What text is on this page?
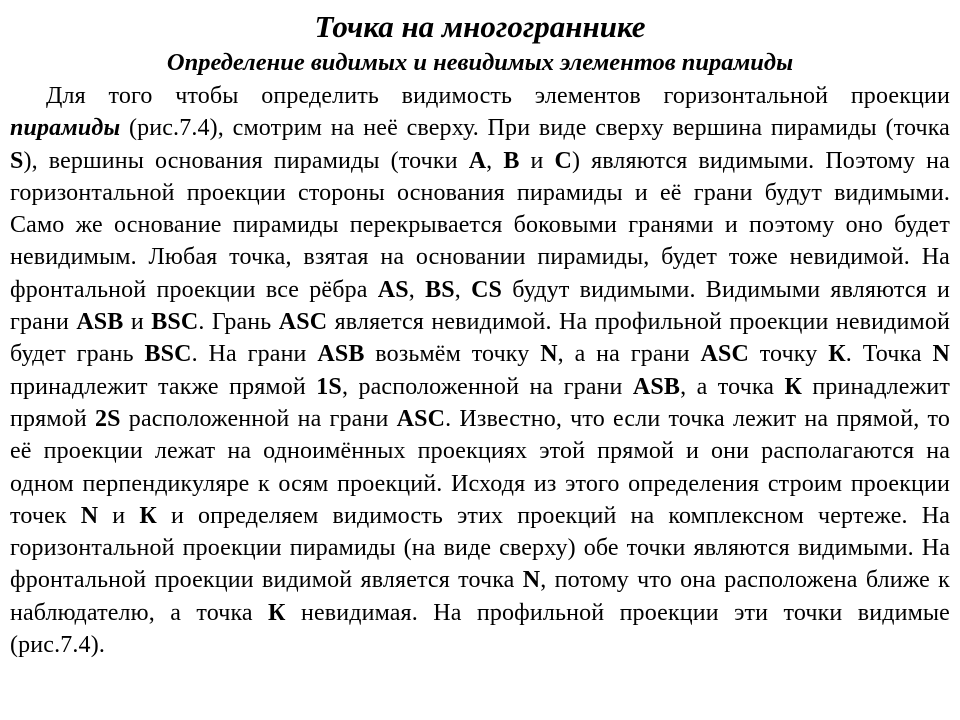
Точка на многограннике
Определение видимых и невидимых элементов пирамиды

Для того чтобы определить видимость элементов горизонтальной проекции пирамиды (рис.7.4), смотрим на неё сверху. При виде сверху вершина пирамиды (точка S), вершины основания пирамиды (точки A, B и C) являются видимыми. Поэтому на горизонтальной проекции стороны основания пирамиды и её грани будут видимыми. Само же основание пирамиды перекрывается боковыми гранями и поэтому оно будет невидимым. Любая точка, взятая на основании пирамиды, будет тоже невидимой. На фронтальной проекции все рёбра AS, BS, CS будут видимыми. Видимыми являются и грани ASB и BSC. Грань ASC является невидимой. На профильной проекции невидимой будет грань BSC. На грани ASB возьмём точку N, а на грани ASC точку К. Точка N принадлежит также прямой 1S, расположенной на грани ASB, а точка К принадлежит прямой 2S расположенной на грани ASC. Известно, что если точка лежит на прямой, то её проекции лежат на одноимённых проекциях этой прямой и они располагаются на одном перпендикуляре к осям проекций. Исходя из этого определения строим проекции точек N и К и определяем видимость этих проекций на комплексном чертеже. На горизонтальной проекции пирамиды (на виде сверху) обе точки являются видимыми. На фронтальной проекции видимой является точка N, потому что она расположена ближе к наблюдателю, а точка К невидимая. На профильной проекции эти точки видимые (рис.7.4).
